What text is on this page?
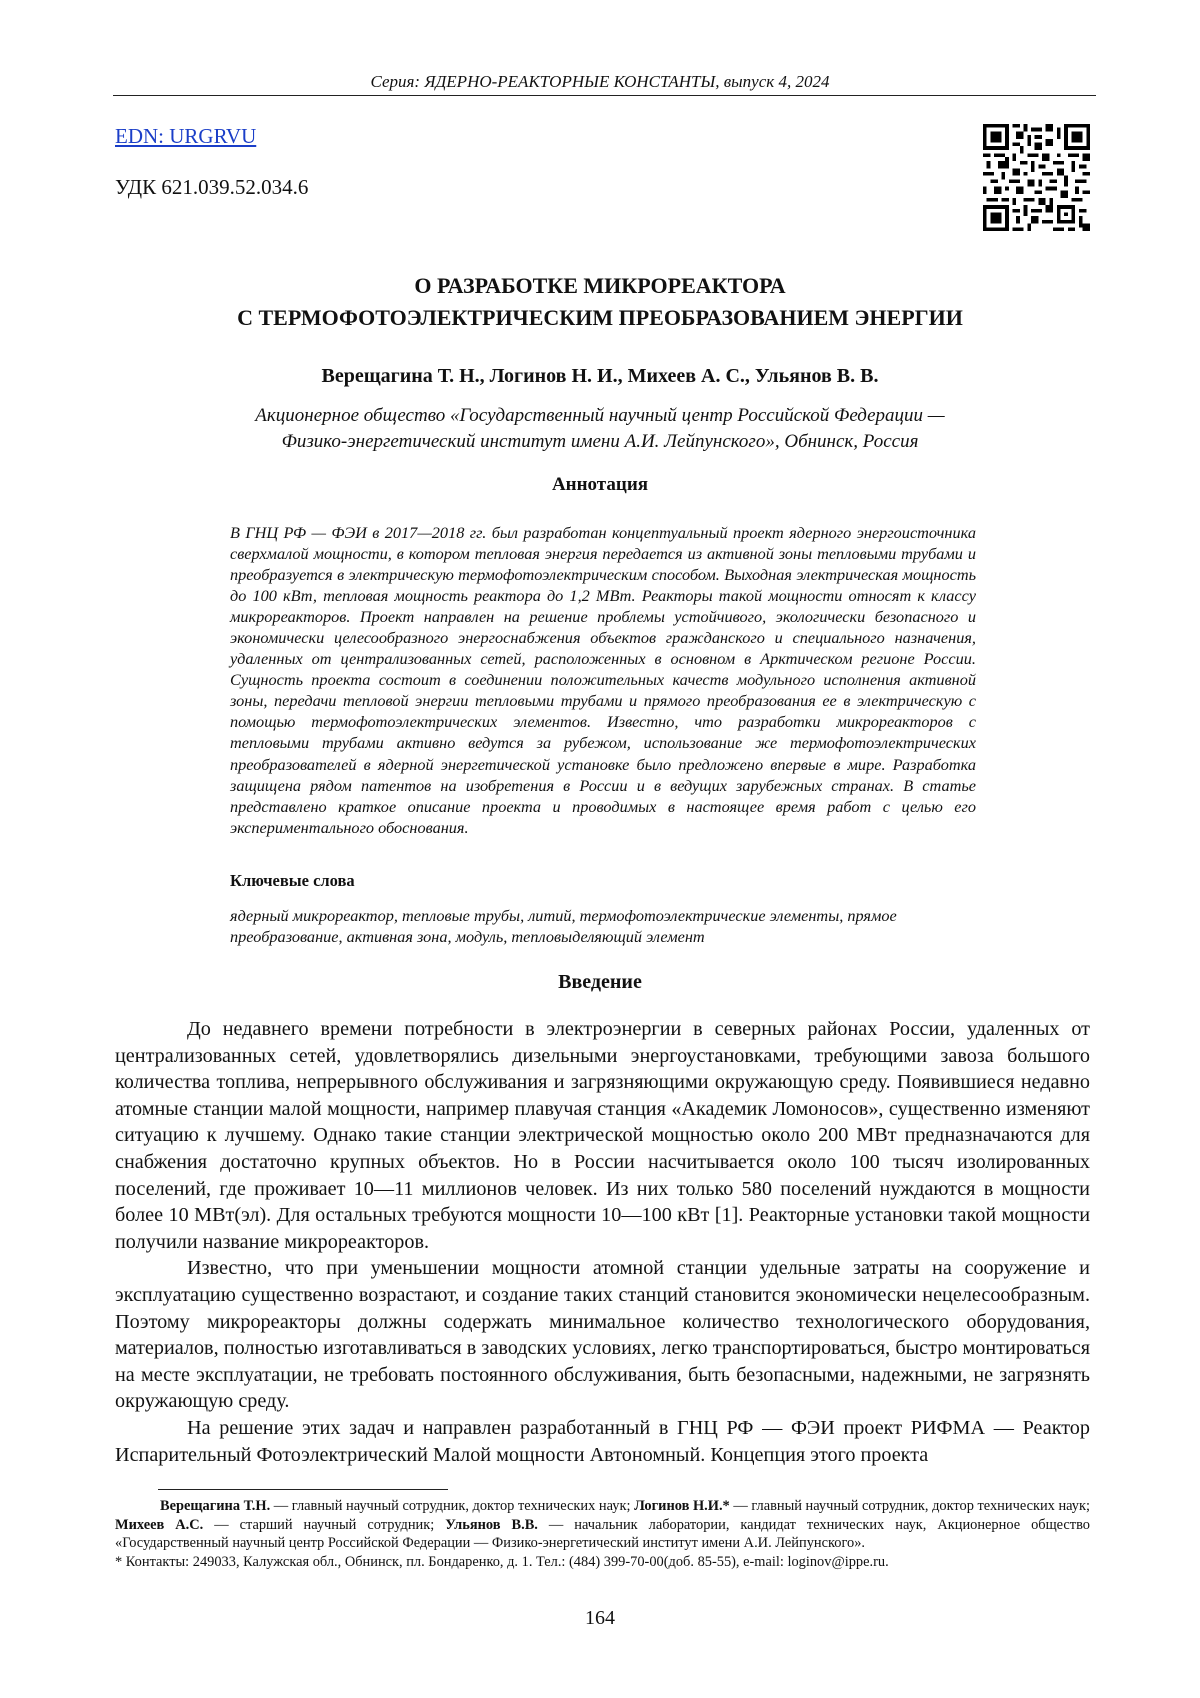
Серия: ЯДЕРНО-РЕАКТОРНЫЕ КОНСТАНТЫ, выпуск 4, 2024
EDN: URGRVU
УДК 621.039.52.034.6
О РАЗРАБОТКЕ МИКРОРЕАКТОРА
С ТЕРМОФОТОЭЛЕКТРИЧЕСКИМ ПРЕОБРАЗОВАНИЕМ ЭНЕРГИИ
Верещагина Т. Н., Логинов Н. И., Михеев А. С., Ульянов В. В.
Акционерное общество «Государственный научный центр Российской Федерации —
Физико-энергетический институт имени А.И. Лейпунского», Обнинск, Россия
Аннотация

В ГНЦ РФ — ФЭИ в 2017—2018 гг. был разработан концептуальный проект ядерного энергоисточника сверхмалой мощности, в котором тепловая энергия передается из активной зоны тепловыми трубами и преобразуется в электрическую термофотоэлектрическим способом. Выходная электрическая мощность до 100 кВт, тепловая мощность реактора до 1,2 МВт. Реакторы такой мощности относят к классу микрореакторов. Проект направлен на решение проблемы устойчивого, экологически безопасного и экономически целесообразного энергоснабжения объектов гражданского и специального назначения, удаленных от централизованных сетей, расположенных в основном в Арктическом регионе России. Сущность проекта состоит в соединении положительных качеств модульного исполнения активной зоны, передачи тепловой энергии тепловыми трубами и прямого преобразования ее в электрическую с помощью термофотоэлектрических элементов. Известно, что разработки микрореакторов с тепловыми трубами активно ведутся за рубежом, использование же термофотоэлектрических преобразователей в ядерной энергетической установке было предложено впервые в мире. Разработка защищена рядом патентов на изобретения в России и в ведущих зарубежных странах. В статье представлено краткое описание проекта и проводимых в настоящее время работ с целью его экспериментального обоснования.

Ключевые слова

ядерный микрореактор, тепловые трубы, литий, термофотоэлектрические элементы, прямое преобразование, активная зона, модуль, тепловыделяющий элемент

Введение

До недавнего времени потребности в электроэнергии в северных районах России, удаленных от централизованных сетей, удовлетворялись дизельными энергоустановками, требующими завоза большого количества топлива, непрерывного обслуживания и загрязняющими окружающую среду. Появившиеся недавно атомные станции малой мощности, например плавучая станция «Академик Ломоносов», существенно изменяют ситуацию к лучшему. Однако такие станции электрической мощностью около 200 МВт предназначаются для снабжения достаточно крупных объектов. Но в России насчитывается около 100 тысяч изолированных поселений, где проживает 10—11 миллионов человек. Из них только 580 поселений нуждаются в мощности более 10 МВт(эл). Для остальных требуются мощности 10—100 кВт [1]. Реакторные установки такой мощности получили название микрореакторов.

Известно, что при уменьшении мощности атомной станции удельные затраты на сооружение и эксплуатацию существенно возрастают, и создание таких станций становится экономически нецелесообразным. Поэтому микрореакторы должны содержать минимальное количество технологического оборудования, материалов, полностью изготавливаться в заводских условиях, легко транспортироваться, быстро монтироваться на месте эксплуатации, не требовать постоянного обслуживания, быть безопасными, надежными, не загрязнять окружающую среду.

На решение этих задач и направлен разработанный в ГНЦ РФ — ФЭИ проект РИФМА — Реактор Испарительный Фотоэлектрический Малой мощности Автономный. Концепция этого проекта

Верещагина Т.Н. — главный научный сотрудник, доктор технических наук; Логинов Н.И.* — главный научный сотрудник, доктор технических наук; Михеев А.С. — старший научный сотрудник; Ульянов В.В. — начальник лаборатории, кандидат технических наук, Акционерное общество «Государственный научный центр Российской Федерации — Физико-энергетический институт имени А.И. Лейпунского».

* Контакты: 249033, Калужская обл., Обнинск, пл. Бондаренко, д. 1. Тел.: (484) 399-70-00(доб. 85-55), e-mail: loginov@ippe.ru.

164
